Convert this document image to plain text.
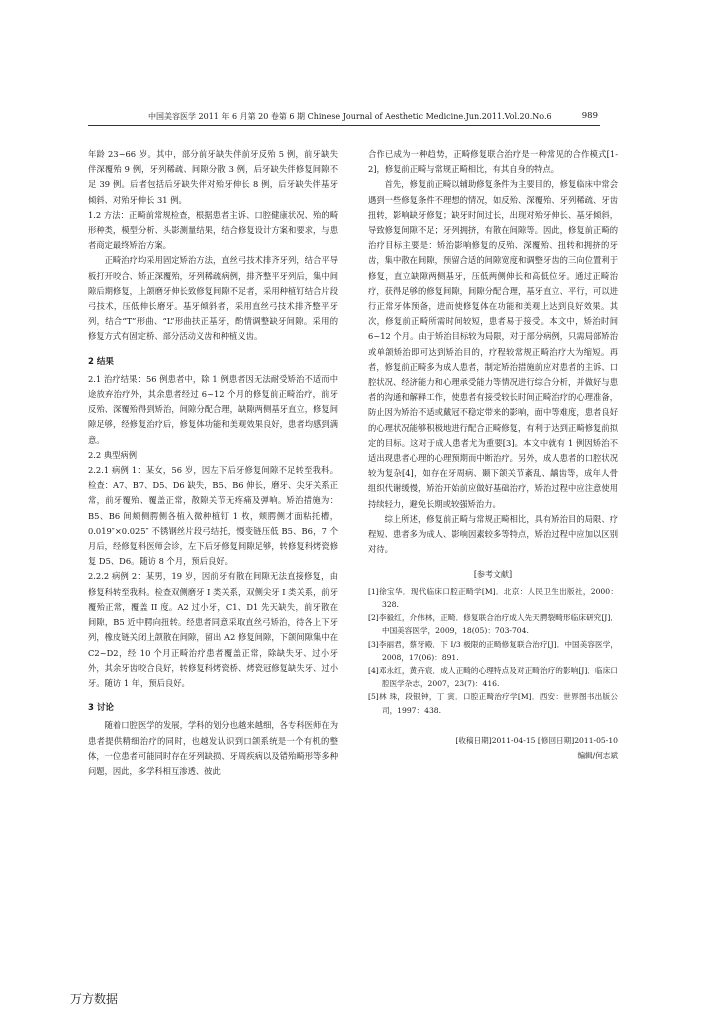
中国美容医学 2011 年 6 月第 20 卷第 6 期 Chinese Journal of Aesthetic Medicine.Jun.2011.Vol.20.No.6	989

年龄 23~66 岁。其中，部分前牙缺失伴前牙反殆 5 例，前牙缺失伴深覆殆 9 例，牙列稀疏、间隙分散 3 例，后牙缺失伴修复间隙不足 39 例。后者包括后牙缺失伴对殆牙伸长 8 例，后牙缺失伴基牙倾斜、对殆牙伸长 31 例。

1.2 方法：正畸前常规检查，根据患者主诉、口腔健康状况、殆的畸形种类，模型分析、头影测量结果，结合修复设计方案和要求，与患者商定最终矫治方案。

正畸治疗均采用固定矫治方法，直丝弓技术排齐牙列，结合平导板打开咬合、矫正深覆殆，牙列稀疏病例，排齐整平牙列后，集中间隙后期修复，上颌磨牙伸长致修复间隙不足者，采用种植钉结合片段弓技术，压低伸长磨牙。基牙倾斜者，采用直丝弓技术排齐整平牙列，结合“T”形曲、“L”形曲扶正基牙，酌情调整缺牙间隙。采用的修复方式有固定桥、部分活动义齿和种植义齿。

2 结果

2.1 治疗结果：56 例患者中，除 1 例患者因无法耐受矫治不适而中途放弃治疗外，其余患者经过 6~12 个月的修复前正畸治疗，前牙反殆、深覆殆得到矫治，间隙分配合理，缺隙两侧基牙直立，修复间隙足够，经修复治疗后，修复体功能和美观效果良好，患者均感到满意。

2.2 典型病例

2.2.1 病例 1：某女，56 岁，因左下后牙修复间隙不足转至我科。检查：A7、B7、D5、D6 缺失，B5、B6 伸长，磨牙、尖牙关系正常，前牙覆殆、覆盖正常，散隙关节无疼痛及弹响。矫治措施为：B5、B6 间颊侧腭侧各植入微种植钉 1 枚，颊腭侧才面粘托槽，0.019″×0.025″ 不锈钢丝片段弓结托，慢变链压低 B5、B6，7 个月后，经修复科医师会诊，左下后牙修复间隙足够，转修复科烤瓷修复 D5、D6。随访 8 个月，预后良好。

2.2.2 病例 2：某男，19 岁，因前牙有散在间隙无法直接修复，由修复科转至我科。检查双侧磨牙 I 类关系，双侧尖牙 I 类关系，前牙覆殆正常，覆盖 II 度。A2 过小牙，C1、D1 先天缺失，前牙散在间隙，B5 近中腭向扭转。经患者同意采取直丝弓矫治，待各上下牙列，橡皮链关闭上颌散在间隙，留出 A2 修复间隙，下颌间隙集中在 C2~D2，经 10 个月正畸治疗患者覆盖正常，除缺失牙、过小牙外，其余牙齿咬合良好，转修复科烤瓷桥、烤瓷冠修复缺失牙、过小牙。随访 1 年，预后良好。

3 讨论

随着口腔医学的发展，学科的划分也越来越细，各专科医师在为患者提供精细治疗的同时，也越发认识到口颌系统是一个有机的整体，一位患者可能同时存在牙列缺损、牙周疾病以及错殆畸形等多种问题，因此，多学科相互渗透、彼此

合作已成为一种趋势，正畸修复联合治疗是一种常见的合作模式[1-2]，修复前正畸与常规正畸相比，有其自身的特点。

首先，修复前正畸以辅助修复条件为主要目的，修复临床中常会遇到一些修复条件不理想的情况，如反殆、深覆殆、牙列稀疏、牙齿扭转，影响缺牙修复；缺牙时间过长，出现对殆牙伸长、基牙倾斜，导致修复间隙不足；牙列拥挤，有散在间隙等。因此，修复前正畸的治疗目标主要是：矫治影响修复的反殆、深覆殆、扭转和拥挤的牙齿，集中散在间隙，预留合适的间隙宽度和调整牙齿的三向位置利于修复，直立缺隙两侧基牙，压低两侧伸长和高低位牙。通过正畸治疗，获得足够的修复间隙，间隙分配合理，基牙直立、平行，可以进行正常牙体预备，进而使修复体在功能和美观上达到良好效果。其次，修复前正畸所需时间较短，患者易于接受。本文中，矫治时间 6~12 个月。由于矫治目标较为局限，对于部分病例，只需局部矫治或单颌矫治即可达到矫治目的，疗程较常规正畸治疗大为缩短。再者，修复前正畸多为成人患者，制定矫治措施前应对患者的主诉、口腔状况、经济能力和心理承受能力等情况进行综合分析，并做好与患者的沟通和解释工作，使患者有接受较长时间正畸治疗的心理准备，防止因为矫治不适或戴冠不稳定带来的影响，面中等难度，患者良好的心理状况能够积极地进行配合正畸修复，有利于达到正畸修复前拟定的目标。这对于成人患者尤为重要[3]。本文中就有 1 例因矫治不适出现患者心理的心理预期而中断治疗。另外，成人患者的口腔状况较为复杂[4]，如存在牙周病、颞下颌关节紊乱、龋齿等，成年人骨组织代谢缓慢，矫治开始前应做好基础治疗，矫治过程中应注意使用持续轻力，避免长期或较强矫治力。

综上所述，修复前正畸与常规正畸相比，具有矫治目的局限、疗程短、患者多为成人、影响因素较多等特点，矫治过程中应加以区别对待。

[参考文献]

[1]徐宝华．现代临床口腔正畸学[M]．北京：人民卫生出版社，2000：328.

[2]李毅红，介伟林，正畸．修复联合治疗成人先天腭裂畸形临床研究[J]．中国美容医学，2009，18(05)：703-704.

[3]李丽君，蔡牙殿．下 I/3 极限的正畸修复联合治疗[J]．中国美容医学，2008，17(06)：891.

[4]邓永红，黄卉宸．成人正畸的心理特点及对正畸治疗的影响[J]．临床口腔医学杂志，2007，23(7)：416.

[5]林 珠，段银钟，丁 寅．口腔正畸治疗学[M]．西安：世界图书出版公司，1997：438.

[收稿日期]2011-04-15 [修回日期]2011-05-10

编辑/何志斌

万方数据
